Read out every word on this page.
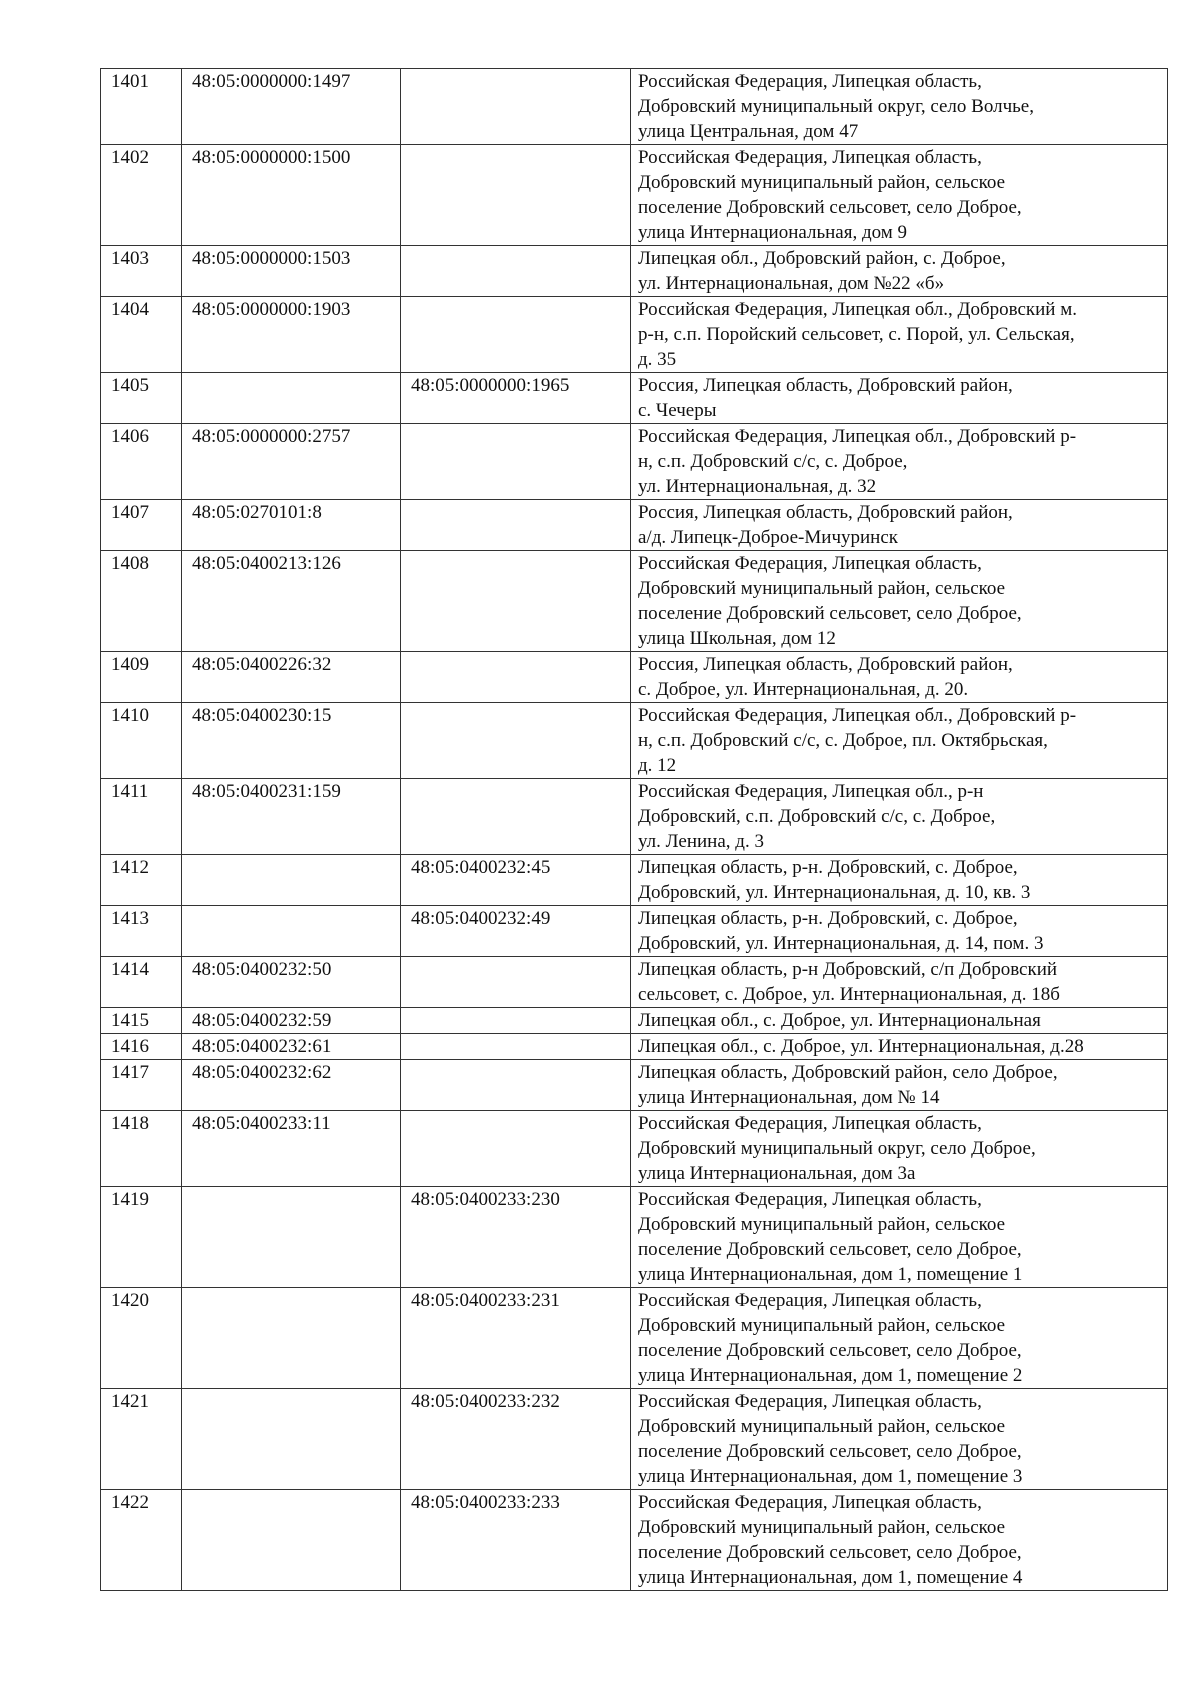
1401	48:05:0000000:1497		Российская Федерация, Липецкая область,
Добровский муниципальный округ, село Волчье,
улица Центральная, дом 47
1402	48:05:0000000:1500		Российская Федерация, Липецкая область,
Добровский муниципальный район, сельское
поселение Добровский сельсовет, село Доброе,
улица Интернациональная, дом 9
1403	48:05:0000000:1503		Липецкая обл., Добровский район, с. Доброе,
ул. Интернациональная, дом №22 «б»
1404	48:05:0000000:1903		Российская Федерация, Липецкая обл., Добровский м.
р-н, с.п. Поройский сельсовет, с. Порой, ул. Сельская,
д. 35
1405		48:05:0000000:1965	Россия, Липецкая область, Добровский район,
с. Чечеры
1406	48:05:0000000:2757		Российская Федерация, Липецкая обл., Добровский р-
н, с.п. Добровский с/с, с. Доброе,
ул. Интернациональная, д. 32
1407	48:05:0270101:8		Россия, Липецкая область, Добровский район,
а/д. Липецк-Доброе-Мичуринск
1408	48:05:0400213:126		Российская Федерация, Липецкая область,
Добровский муниципальный район, сельское
поселение Добровский сельсовет, село Доброе,
улица Школьная, дом 12
1409	48:05:0400226:32		Россия, Липецкая область, Добровский район,
с. Доброе, ул. Интернациональная, д. 20.
1410	48:05:0400230:15		Российская Федерация, Липецкая обл., Добровский р-
н, с.п. Добровский с/с, с. Доброе, пл. Октябрьская,
д. 12
1411	48:05:0400231:159		Российская Федерация, Липецкая обл., р-н
Добровский, с.п. Добровский с/с, с. Доброе,
ул. Ленина, д. 3
1412		48:05:0400232:45	Липецкая область, р-н. Добровский, с. Доброе,
Добровский, ул. Интернациональная, д. 10, кв. 3
1413		48:05:0400232:49	Липецкая область, р-н. Добровский, с. Доброе,
Добровский, ул. Интернациональная, д. 14, пом. 3
1414	48:05:0400232:50		Липецкая область, р-н Добровский, с/п Добровский
сельсовет, с. Доброе, ул. Интернациональная, д. 18б
1415	48:05:0400232:59		Липецкая обл., с. Доброе, ул. Интернациональная
1416	48:05:0400232:61		Липецкая обл., с. Доброе, ул. Интернациональная, д.28
1417	48:05:0400232:62		Липецкая область, Добровский район, село Доброе,
улица Интернациональная, дом № 14
1418	48:05:0400233:11		Российская Федерация, Липецкая область,
Добровский муниципальный округ, село Доброе,
улица Интернациональная, дом 3а
1419		48:05:0400233:230	Российская Федерация, Липецкая область,
Добровский муниципальный район, сельское
поселение Добровский сельсовет, село Доброе,
улица Интернациональная, дом 1, помещение 1
1420		48:05:0400233:231	Российская Федерация, Липецкая область,
Добровский муниципальный район, сельское
поселение Добровский сельсовет, село Доброе,
улица Интернациональная, дом 1, помещение 2
1421		48:05:0400233:232	Российская Федерация, Липецкая область,
Добровский муниципальный район, сельское
поселение Добровский сельсовет, село Доброе,
улица Интернациональная, дом 1, помещение 3
1422		48:05:0400233:233	Российская Федерация, Липецкая область,
Добровский муниципальный район, сельское
поселение Добровский сельсовет, село Доброе,
улица Интернациональная, дом 1, помещение 4
